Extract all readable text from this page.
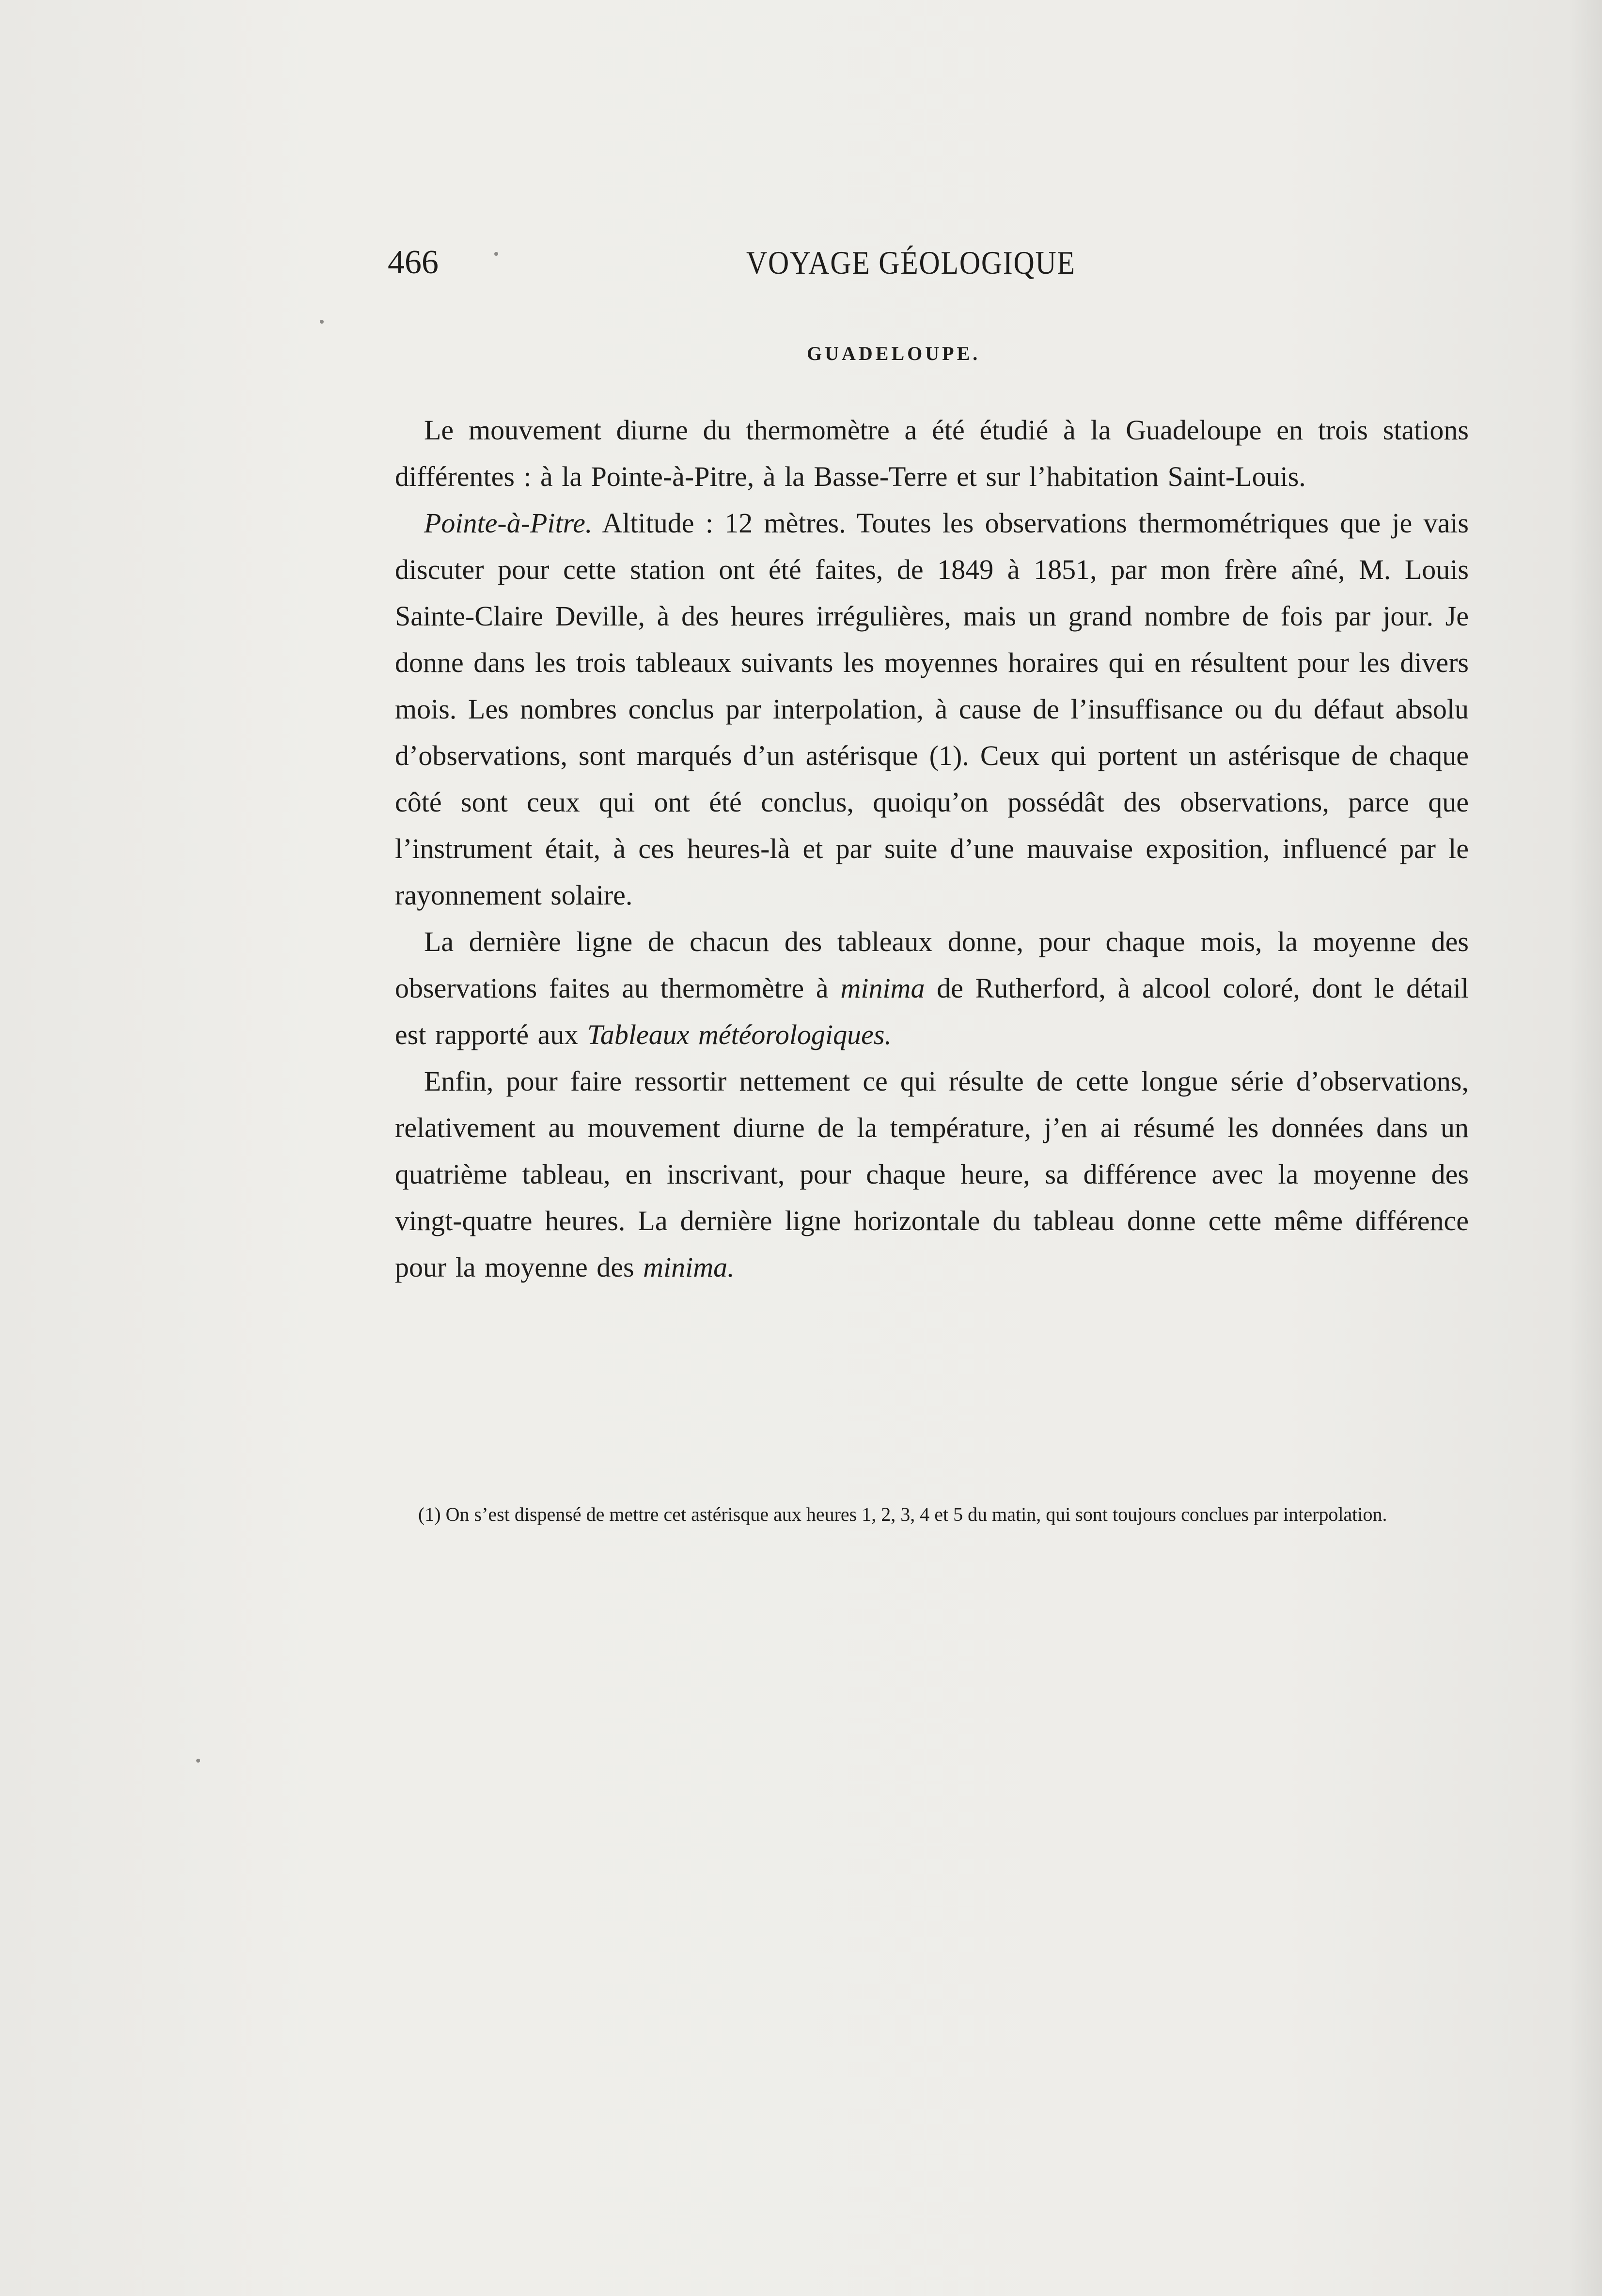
466	VOYAGE GÉOLOGIQUE
GUADELOUPE.

Le mouvement diurne du thermomètre a été étudié à la Guadeloupe en trois stations différentes : à la Pointe-à-Pitre, à la Basse-Terre et sur l’habitation Saint-Louis.

Pointe-à-Pitre. Altitude : 12 mètres. Toutes les observations thermométriques que je vais discuter pour cette station ont été faites, de 1849 à 1851, par mon frère aîné, M. Louis Sainte-Claire Deville, à des heures irrégulières, mais un grand nombre de fois par jour. Je donne dans les trois tableaux suivants les moyennes horaires qui en résultent pour les divers mois. Les nombres conclus par interpolation, à cause de l’insuffisance ou du défaut absolu d’observations, sont marqués d’un astérisque (1). Ceux qui portent un astérisque de chaque côté sont ceux qui ont été conclus, quoiqu’on possédât des observations, parce que l’instrument était, à ces heures-là et par suite d’une mauvaise exposition, influencé par le rayonnement solaire.

La dernière ligne de chacun des tableaux donne, pour chaque mois, la moyenne des observations faites au thermomètre à minima de Rutherford, à alcool coloré, dont le détail est rapporté aux Tableaux météorologiques.

Enfin, pour faire ressortir nettement ce qui résulte de cette longue série d’observations, relativement au mouvement diurne de la température, j’en ai résumé les données dans un quatrième tableau, en inscrivant, pour chaque heure, sa différence avec la moyenne des vingt-quatre heures. La dernière ligne horizontale du tableau donne cette même différence pour la moyenne des minima.

(1) On s’est dispensé de mettre cet astérisque aux heures 1, 2, 3, 4 et 5 du matin, qui sont toujours conclues par interpolation.
